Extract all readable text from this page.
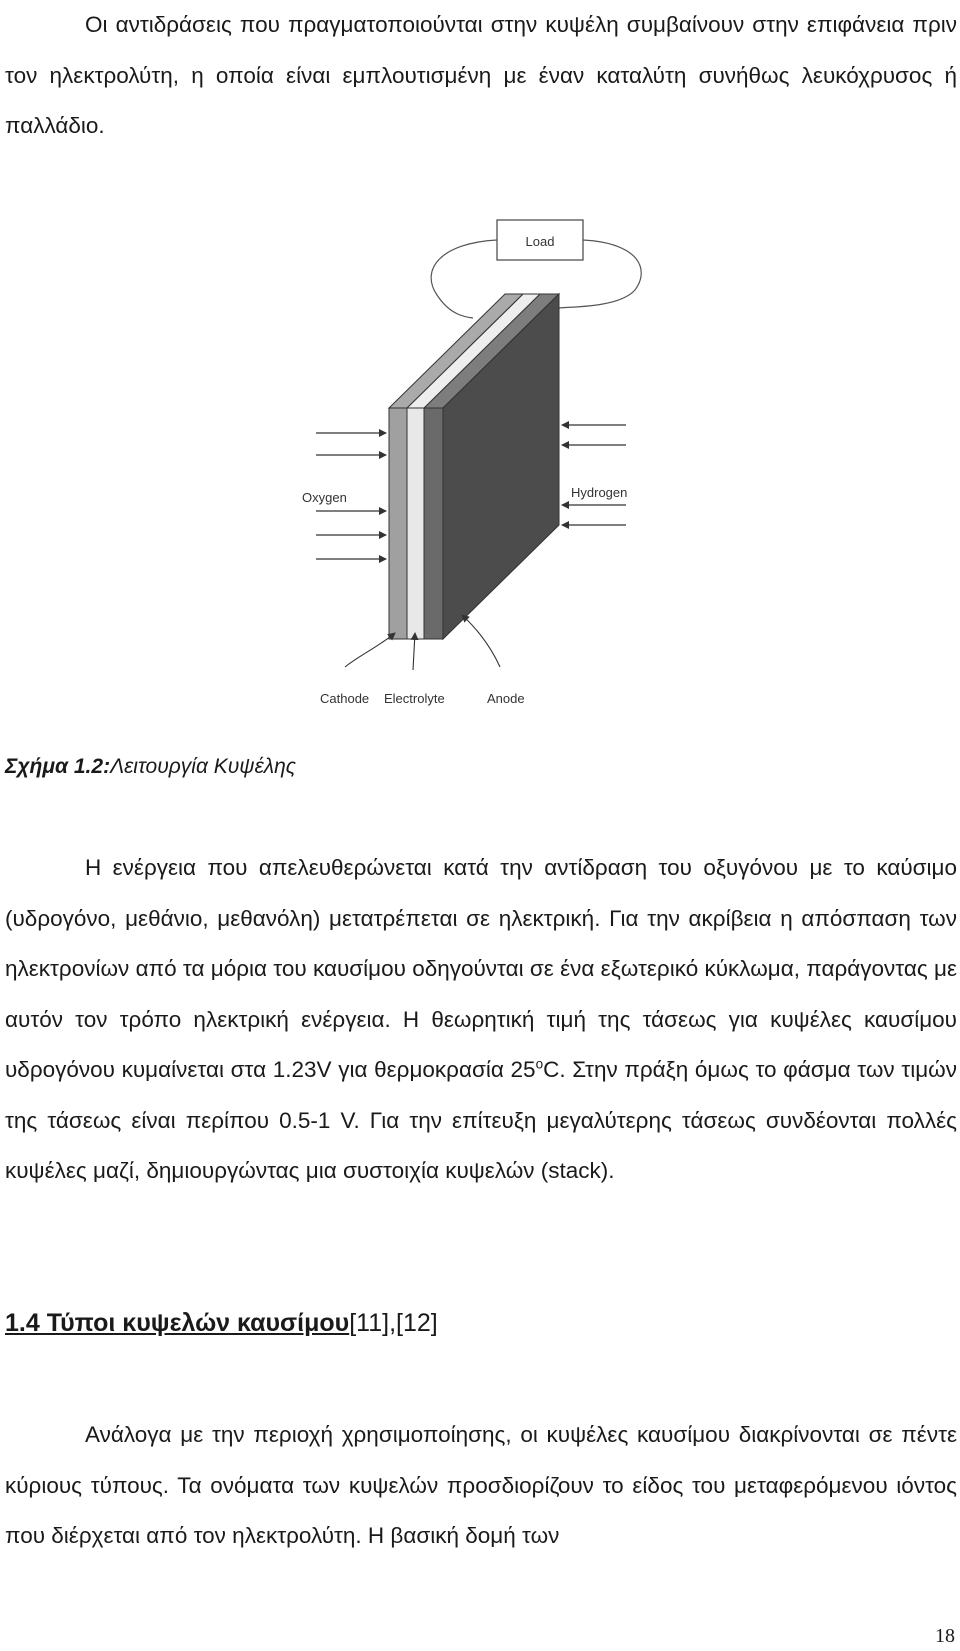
Οι αντιδράσεις που πραγματοποιούνται στην κυψέλη συμβαίνουν στην επιφάνεια πριν τον ηλεκτρολύτη, η οποία είναι εμπλουτισμένη με έναν καταλύτη συνήθως λευκόχρυσος ή παλλάδιο.

Load
Oxygen	Hydrogen
Cathode Electrolyte	Anode

Σχήμα 1.2:Λειτουργία Κυψέλης

Η ενέργεια που απελευθερώνεται κατά την αντίδραση του οξυγόνου με το καύσιμο (υδρογόνο, μεθάνιο, μεθανόλη) μετατρέπεται σε ηλεκτρική. Για την ακρίβεια η απόσπαση των ηλεκτρονίων από τα μόρια του καυσίμου οδηγούνται σε ένα εξωτερικό κύκλωμα, παράγοντας με αυτόν τον τρόπο ηλεκτρική ενέργεια. Η θεωρητική τιμή της τάσεως για κυψέλες καυσίμου υδρογόνου κυμαίνεται στα 1.23V για θερμοκρασία 25$^o$C. Στην πράξη όμως το φάσμα των τιμών της τάσεως είναι περίπου 0.5-1 V. Για την επίτευξη μεγαλύτερης τάσεως συνδέονται πολλές κυψέλες μαζί, δημιουργώντας μια συστοιχία κυψελών (stack).

1.4 Τύποι κυψελών καυσίμου[11],[12]

Ανάλογα με την περιοχή χρησιμοποίησης, οι κυψέλες καυσίμου διακρίνονται σε πέντε κύριους τύπους. Τα ονόματα των κυψελών προσδιορίζουν το είδος του μεταφερόμενου ιόντος που διέρχεται από τον ηλεκτρολύτη. Η βασική δομή των

18
